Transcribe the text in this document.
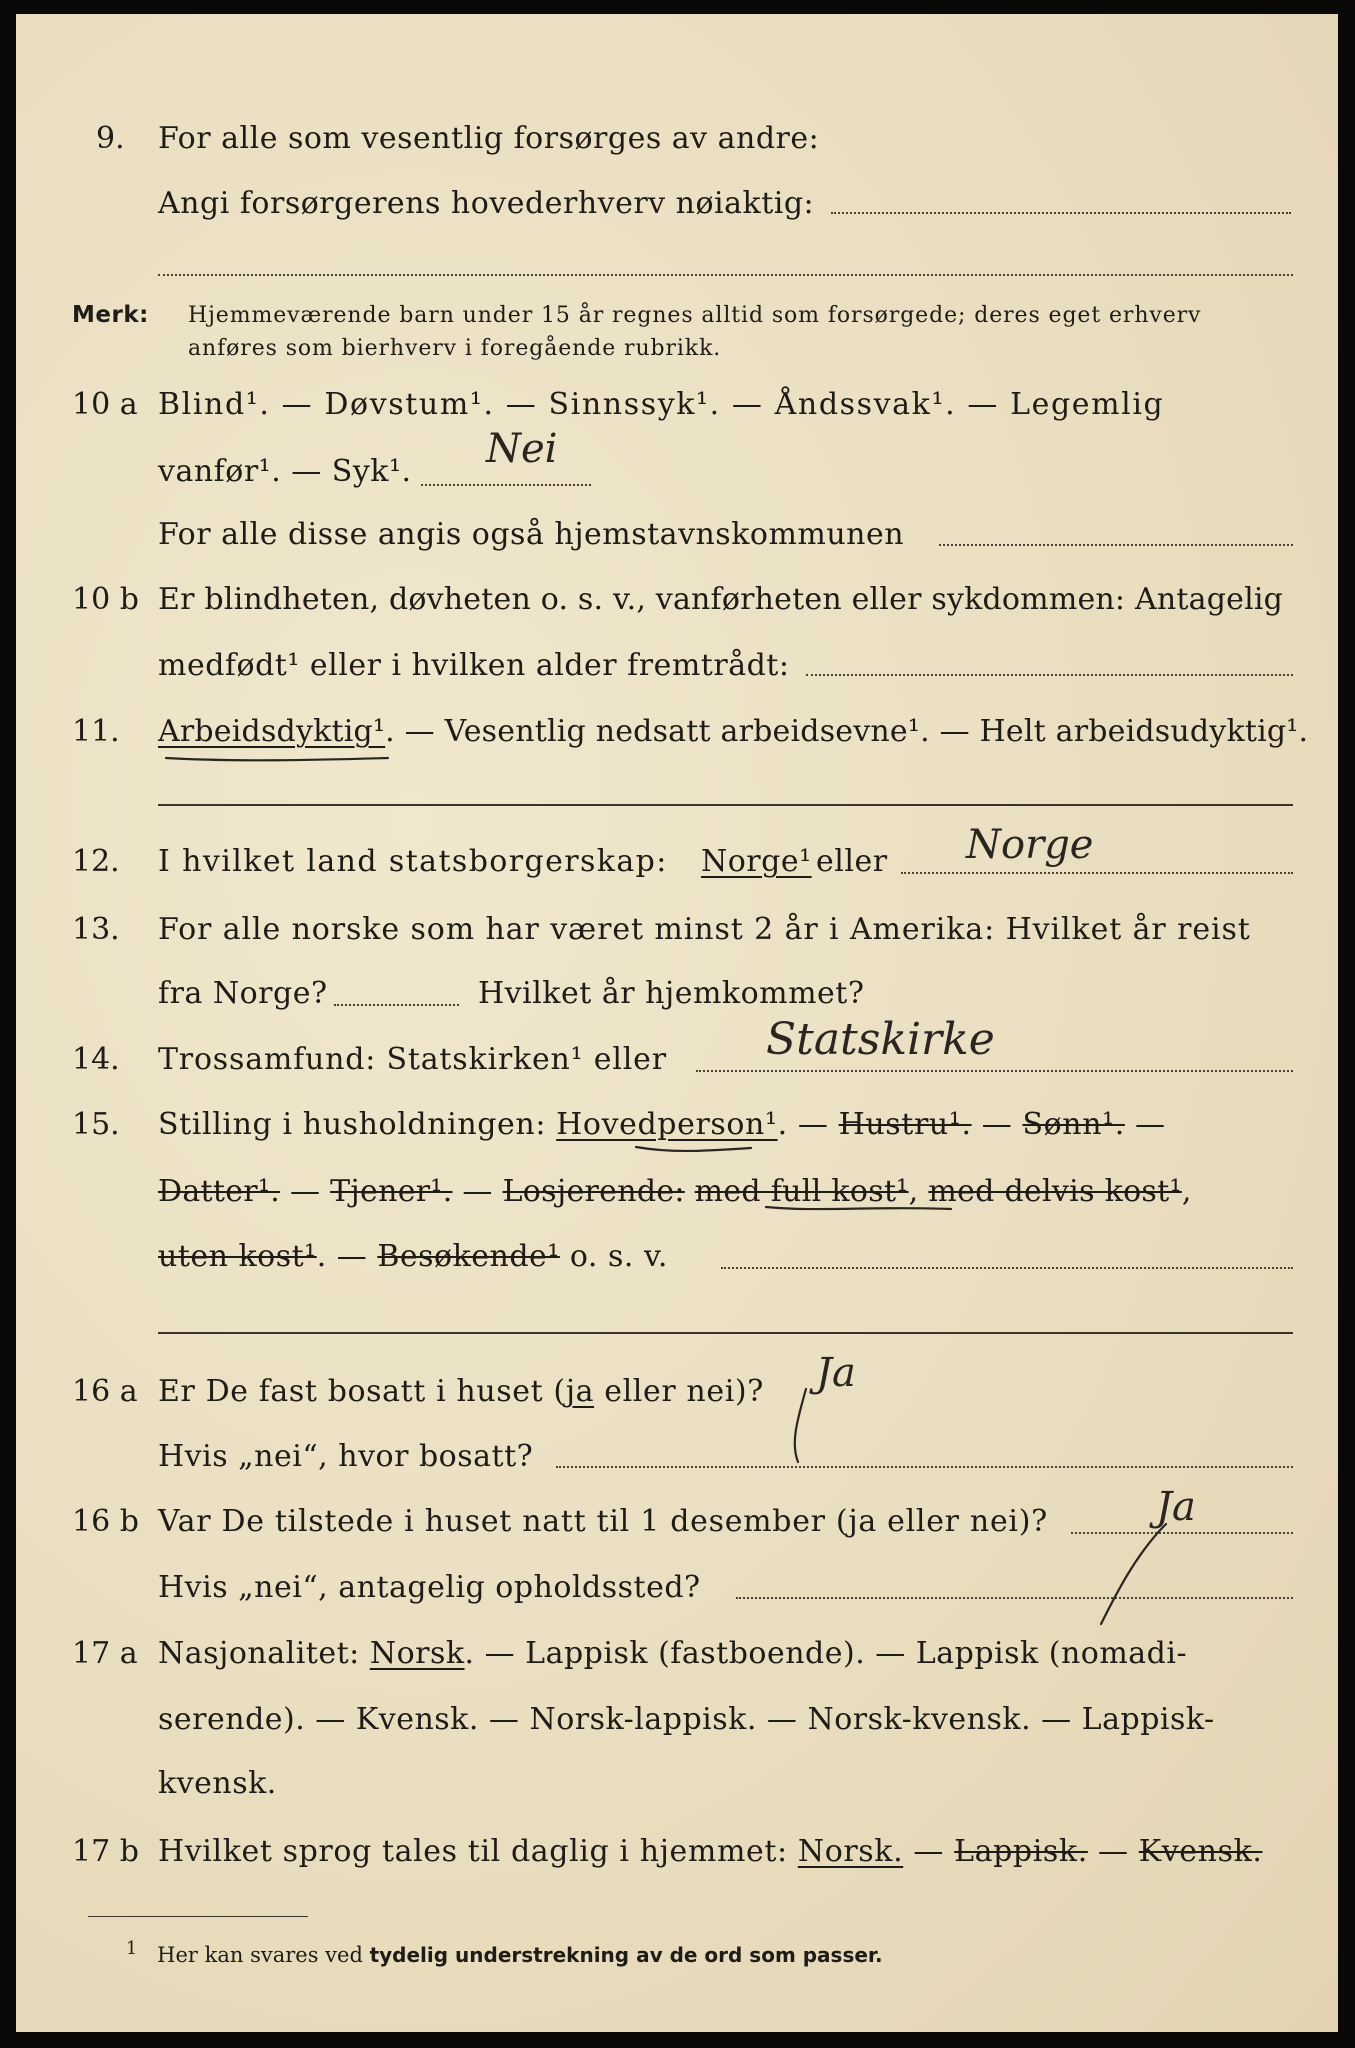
9. For alle som vesentlig forsørges av andre:
Angi forsørgerens hovederhverv nøiaktig:
Merk: Hjemmeværende barn under 15 år regnes alltid som forsørgede; deres eget erhverv
anføres som bierhverv i foregående rubrikk.
10 a Blind¹. — Døvstum¹. — Sinnssyk¹. — Åndssvak¹. — Legemlig
vanfør¹. — Syk¹. Nei
For alle disse angis også hjemstavnskommunen
10 b Er blindheten, døvheten o. s. v., vanførheten eller sykdommen: Antagelig
medfødt¹ eller i hvilken alder fremtrådt:
11. Arbeidsdyktig¹. — Vesentlig nedsatt arbeidsevne¹. — Helt arbeidsudyktig¹.
12. I hvilket land statsborgerskap: Norge¹ eller Norge
13. For alle norske som har været minst 2 år i Amerika: Hvilket år reist
fra Norge?	Hvilket år hjemkommet?
14. Trossamfund: Statskirken¹ eller Statskirke
15. Stilling i husholdningen: Hovedperson¹. — Hustru¹. — Sønn¹. —
Datter¹. — Tjener¹. — Losjerende: med full kost¹, med delvis kost¹,
uten kost¹. — Besøkende¹ o. s. v.
16 a Er De fast bosatt i huset (ja eller nei)? Ja
Hvis „nei“, hvor bosatt?
16 b Var De tilstede i huset natt til 1 desember (ja eller nei)?	Ja
Hvis „nei“, antagelig opholdssted?
17 a Nasjonalitet: Norsk. — Lappisk (fastboende). — Lappisk (nomadi-
serende). — Kvensk. — Norsk-lappisk. — Norsk-kvensk. — Lappisk-
kvensk.
17 b Hvilket sprog tales til daglig i hjemmet: Norsk. — Lappisk. — Kvensk.
$^1$ Her kan svares ved tydelig understrekning av de ord som passer.
